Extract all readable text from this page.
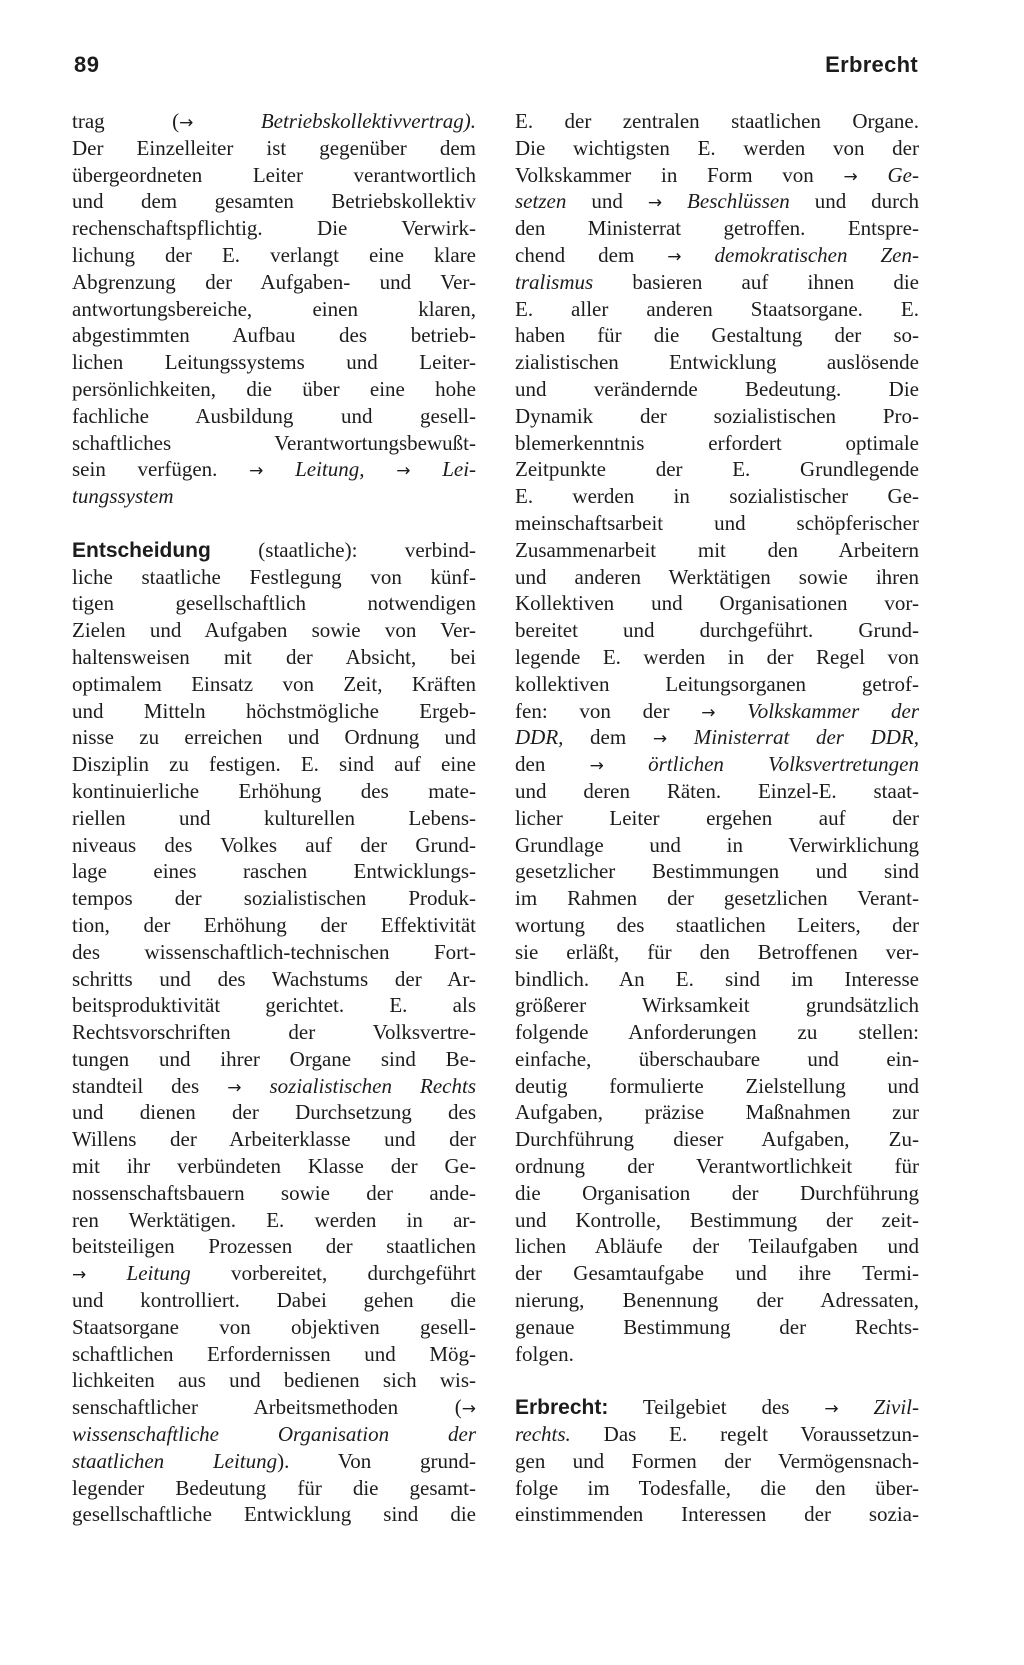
89	Erbrecht
trag (→ Betriebskollektivvertrag).
Der Einzelleiter ist gegenüber dem
übergeordneten Leiter verantwortlich
und dem gesamten Betriebskollektiv
rechenschaftspflichtig. Die Verwirk-
lichung der E. verlangt eine klare
Abgrenzung der Aufgaben- und Ver-
antwortungsbereiche, einen klaren,
abgestimmten Aufbau des betrieb-
lichen Leitungssystems und Leiter-
persönlichkeiten, die über eine hohe
fachliche Ausbildung und gesell-
schaftliches Verantwortungsbewußt-
sein verfügen. → Leitung, → Lei-
tungssystem
Entscheidung (staatliche): verbind-
liche staatliche Festlegung von künf-
tigen gesellschaftlich notwendigen
Zielen und Aufgaben sowie von Ver-
haltensweisen mit der Absicht, bei
optimalem Einsatz von Zeit, Kräften
und Mitteln höchstmögliche Ergeb-
nisse zu erreichen und Ordnung und
Disziplin zu festigen. E. sind auf eine
kontinuierliche Erhöhung des mate-
riellen und kulturellen Lebens-
niveaus des Volkes auf der Grund-
lage eines raschen Entwicklungs-
tempos der sozialistischen Produk-
tion, der Erhöhung der Effektivität
des wissenschaftlich-technischen Fort-
schritts und des Wachstums der Ar-
beitsproduktivität gerichtet. E. als
Rechtsvorschriften der Volksvertre-
tungen und ihrer Organe sind Be-
standteil des → sozialistischen Rechts
und dienen der Durchsetzung des
Willens der Arbeiterklasse und der
mit ihr verbündeten Klasse der Ge-
nossenschaftsbauern sowie der ande-
ren Werktätigen. E. werden in ar-
beitsteiligen Prozessen der staatlichen
→ Leitung vorbereitet, durchgeführt
und kontrolliert. Dabei gehen die
Staatsorgane von objektiven gesell-
schaftlichen Erfordernissen und Mög-
lichkeiten aus und bedienen sich wis-
senschaftlicher Arbeitsmethoden (→
wissenschaftliche Organisation der
staatlichen Leitung). Von grund-
legender Bedeutung für die gesamt-
gesellschaftliche Entwicklung sind die
E. der zentralen staatlichen Organe.
Die wichtigsten E. werden von der
Volkskammer in Form von → Ge-
setzen und → Beschlüssen und durch
den Ministerrat getroffen. Entspre-
chend dem → demokratischen Zen-
tralismus basieren auf ihnen die
E. aller anderen Staatsorgane. E.
haben für die Gestaltung der so-
zialistischen Entwicklung auslösende
und verändernde Bedeutung. Die
Dynamik der sozialistischen Pro-
blemerkenntnis erfordert optimale
Zeitpunkte der E. Grundlegende
E. werden in sozialistischer Ge-
meinschaftsarbeit und schöpferischer
Zusammenarbeit mit den Arbeitern
und anderen Werktätigen sowie ihren
Kollektiven und Organisationen vor-
bereitet und durchgeführt. Grund-
legende E. werden in der Regel von
kollektiven Leitungsorganen getrof-
fen: von der → Volkskammer der
DDR, dem → Ministerrat der DDR,
den → örtlichen Volksvertretungen
und deren Räten. Einzel-E. staat-
licher Leiter ergehen auf der
Grundlage und in Verwirklichung
gesetzlicher Bestimmungen und sind
im Rahmen der gesetzlichen Verant-
wortung des staatlichen Leiters, der
sie erläßt, für den Betroffenen ver-
bindlich. An E. sind im Interesse
größerer Wirksamkeit grundsätzlich
folgende Anforderungen zu stellen:
einfache, überschaubare und ein-
deutig formulierte Zielstellung und
Aufgaben, präzise Maßnahmen zur
Durchführung dieser Aufgaben, Zu-
ordnung der Verantwortlichkeit für
die Organisation der Durchführung
und Kontrolle, Bestimmung der zeit-
lichen Abläufe der Teilaufgaben und
der Gesamtaufgabe und ihre Termi-
nierung, Benennung der Adressaten,
genaue Bestimmung der Rechts-
folgen.
Erbrecht: Teilgebiet des → Zivil-
rechts. Das E. regelt Voraussetzun-
gen und Formen der Vermögensnach-
folge im Todesfalle, die den über-
einstimmenden Interessen der sozia-
